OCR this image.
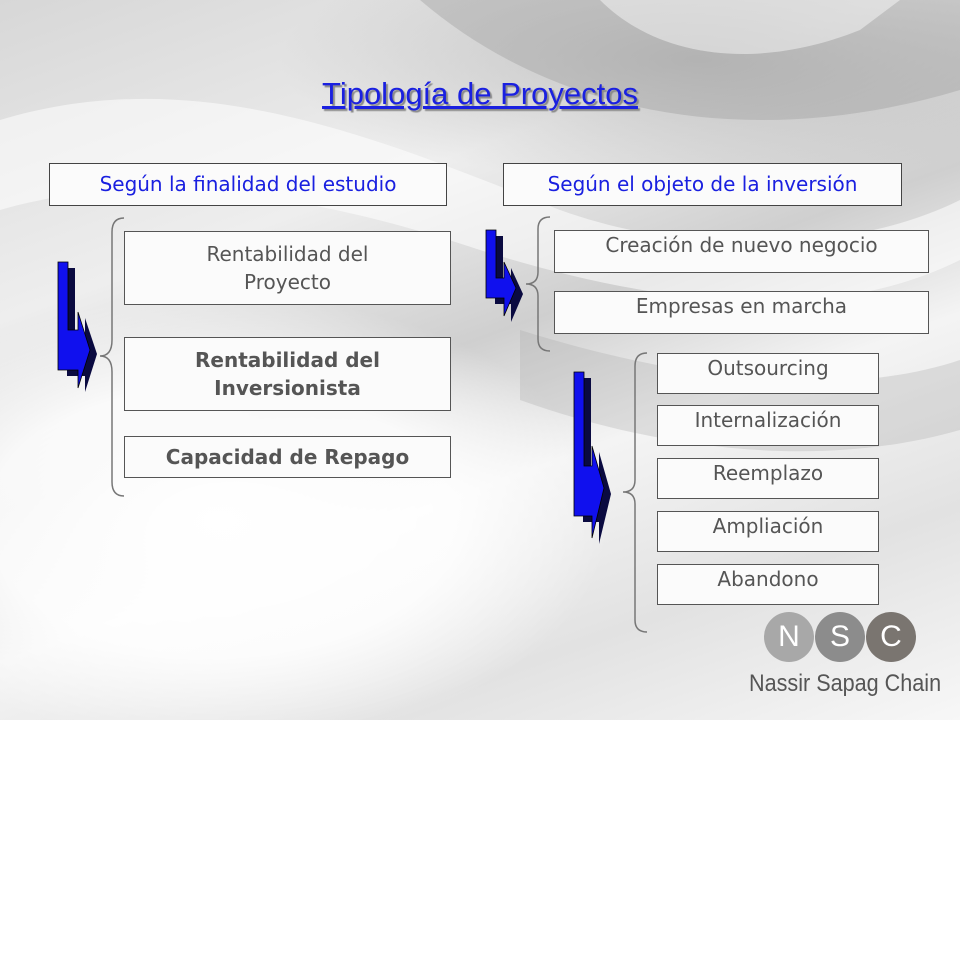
Tipología de Proyectos
Según la finalidad del estudio	Según el objeto de la inversión
Rentabilidad del Proyecto
Rentabilidad del Inversionista
Capacidad de Repago
Creación de nuevo negocio
Empresas en marcha
Outsourcing
Internalización
Reemplazo
Ampliación
Abandono
N	S	C
Nassir Sapag Chain
